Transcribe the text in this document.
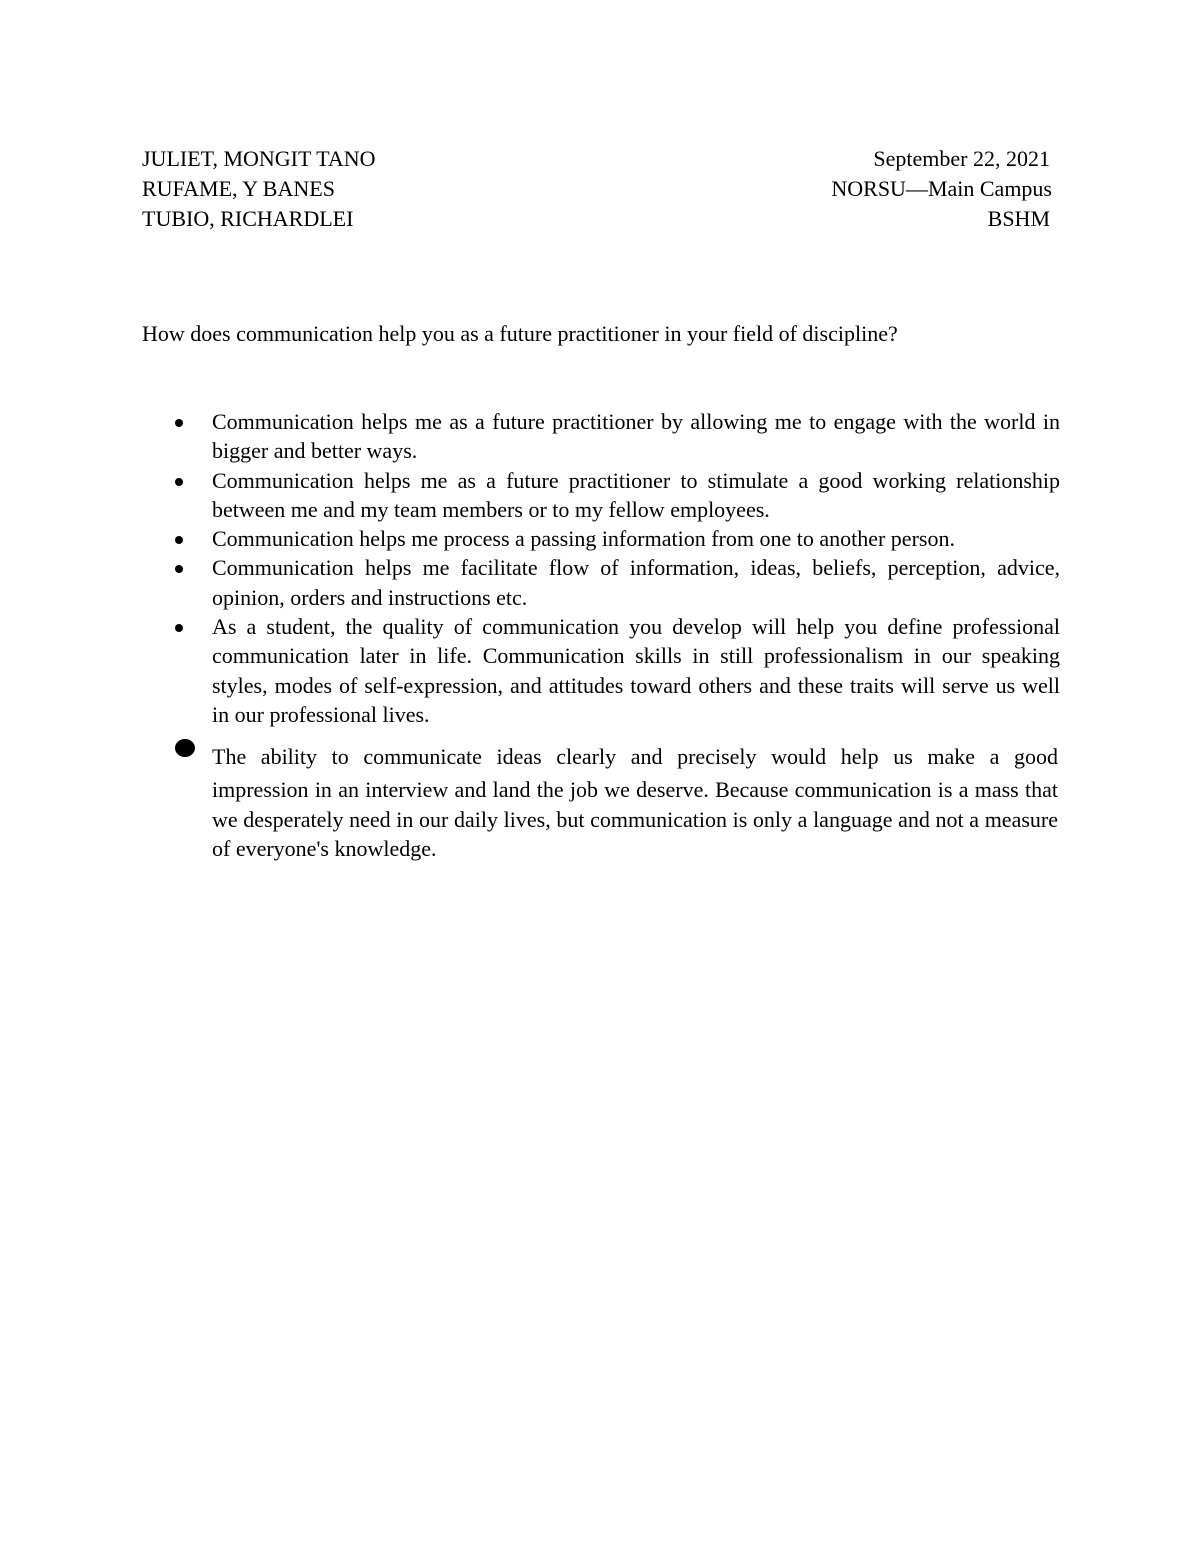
JULIET, MONGIT TANO
RUFAME, Y BANES
TUBIO, RICHARDLEI
September 22, 2021
NORSU—Main Campus
BSHM
How does communication help you as a future practitioner in your field of discipline?
Communication helps me as a future practitioner by allowing me to engage with the world in bigger and better ways.
Communication helps me as a future practitioner to stimulate a good working relationship between me and my team members or to my fellow employees.
Communication helps me process a passing information from one to another person.
Communication helps me facilitate flow of information, ideas, beliefs, perception, advice, opinion, orders and instructions etc.
As a student, the quality of communication you develop will help you define professional communication later in life. Communication skills in still professionalism in our speaking styles, modes of self-expression, and attitudes toward others and these traits will serve us well in our professional lives.
The ability to communicate ideas clearly and precisely would help us make a good
impression in an interview and land the job we deserve. Because communication is a mass that we desperately need in our daily lives, but communication is only a language and not a measure of everyone's knowledge.
